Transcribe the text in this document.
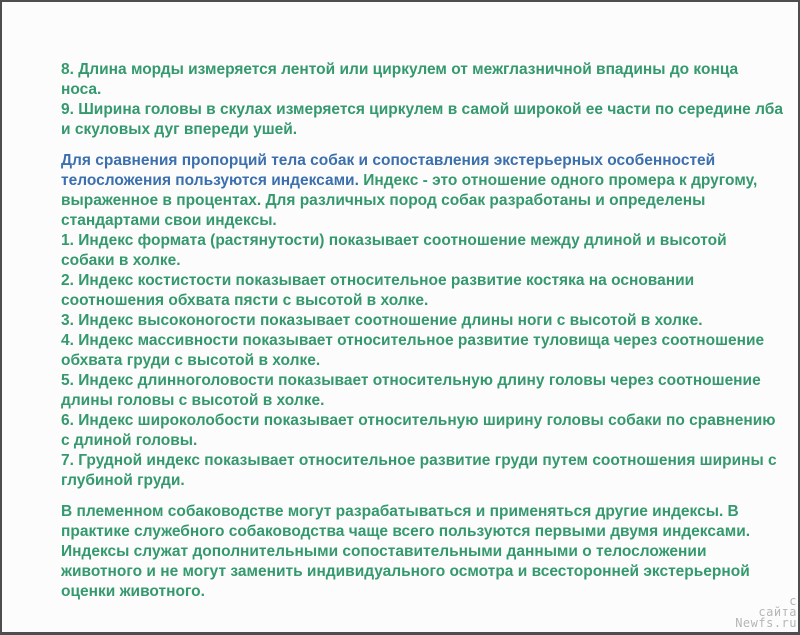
8. Длина морды измеряется лентой или циркулем от межглазничной впадины до конца
носа.

9. Ширина головы в скулах измеряется циркулем в самой широкой ее части по середине лба
и скуловых дуг впереди ушей.

Для сравнения пропорций тела собак и сопоставления экстерьерных особенностей
телосложения пользуются индексами. Индекс - это отношение одного промера к другому,
выраженное в процентах. Для различных пород собак разработаны и определены
стандартами свои индексы.

1. Индекс формата (растянутости) показывает соотношение между длиной и высотой
собаки в холке.

2. Индекс костистости показывает относительное развитие костяка на основании
соотношения обхвата пясти с высотой в холке.

3. Индекс высоконогости показывает соотношение длины ноги с высотой в холке.

4. Индекс массивности показывает относительное развитие туловища через соотношение
обхвата груди с высотой в холке.

5. Индекс длинноголовости показывает относительную длину головы через соотношение
длины головы с высотой в холке.

6. Индекс широколобости показывает относительную ширину головы собаки по сравнению
с длиной головы.

7. Грудной индекс показывает относительное развитие груди путем соотношения ширины с
глубиной груди.

В племенном собаководстве могут разрабатываться и применяться другие индексы. В
практике служебного собаководства чаще всего пользуются первыми двумя индексами.
Индексы служат дополнительными сопоставительными данными о телосложении
животного и не могут заменить индивидуального осмотра и всесторонней экстерьерной
оценки животного.

с
сайта
Newfs.ru
